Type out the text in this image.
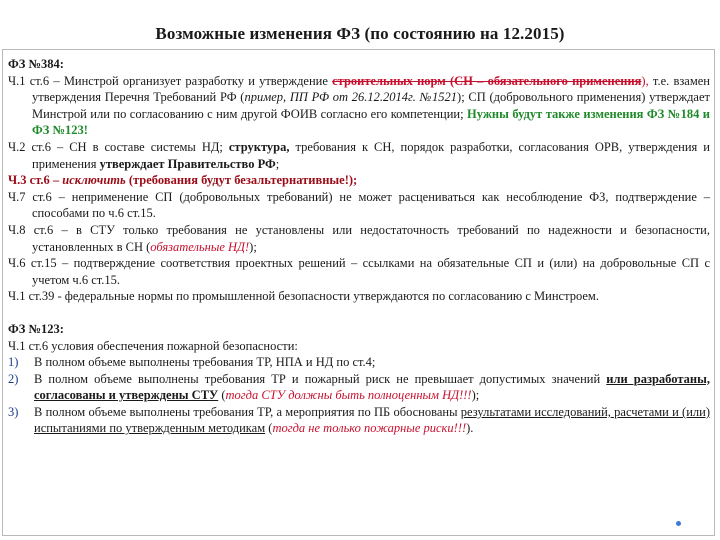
Возможные изменения ФЗ (по состоянию на 12.2015)

ФЗ №384:

Ч.1 ст.6 – Минстрой организует разработку и утверждение строительных норм (СН – обязательного применения), т.е. взамен утверждения Перечня Требований РФ (пример, ПП РФ от 26.12.2014г. №1521); СП (добровольного применения) утверждает Минстрой или по согласованию с ним другой ФОИВ согласно его компетенции; Нужны будут также изменения ФЗ №184 и ФЗ №123!

Ч.2 ст.6 – СН в составе системы НД; структура, требования к СН, порядок разработки, согласования ОРВ, утверждения и применения утверждает Правительство РФ;

Ч.3 ст.6 – исключить (требования будут безальтернативные!);

Ч.7 ст.6 – неприменение СП (добровольных требований) не может расцениваться как несоблюдение ФЗ, подтверждение – способами по ч.6 ст.15.

Ч.8 ст.6 – в СТУ только требования не установлены или недостаточность требований по надежности и безопасности, установленных в СН (обязательные НД!);

Ч.6 ст.15 – подтверждение соответствия проектных решений – ссылками на обязательные СП и (или) на добровольные СП с учетом ч.6 ст.15.

Ч.1 ст.39 - федеральные нормы по промышленной безопасности утверждаются по согласованию с Минстроем.

ФЗ №123:

Ч.1 ст.6 условия обеспечения пожарной безопасности:

1)	В полном объеме выполнены требования ТР, НПА и НД по ст.4;
2)	В полном объеме выполнены требования ТР и пожарный риск не превышает допустимых значений или разработаны, согласованы и утверждены СТУ (тогда СТУ должны быть полноценным НД!!!);
3)	В полном объеме выполнены требования ТР, а мероприятия по ПБ обоснованы результатами исследований, расчетами и (или) испытаниями по утвержденным методикам (тогда не только пожарные риски!!!).
